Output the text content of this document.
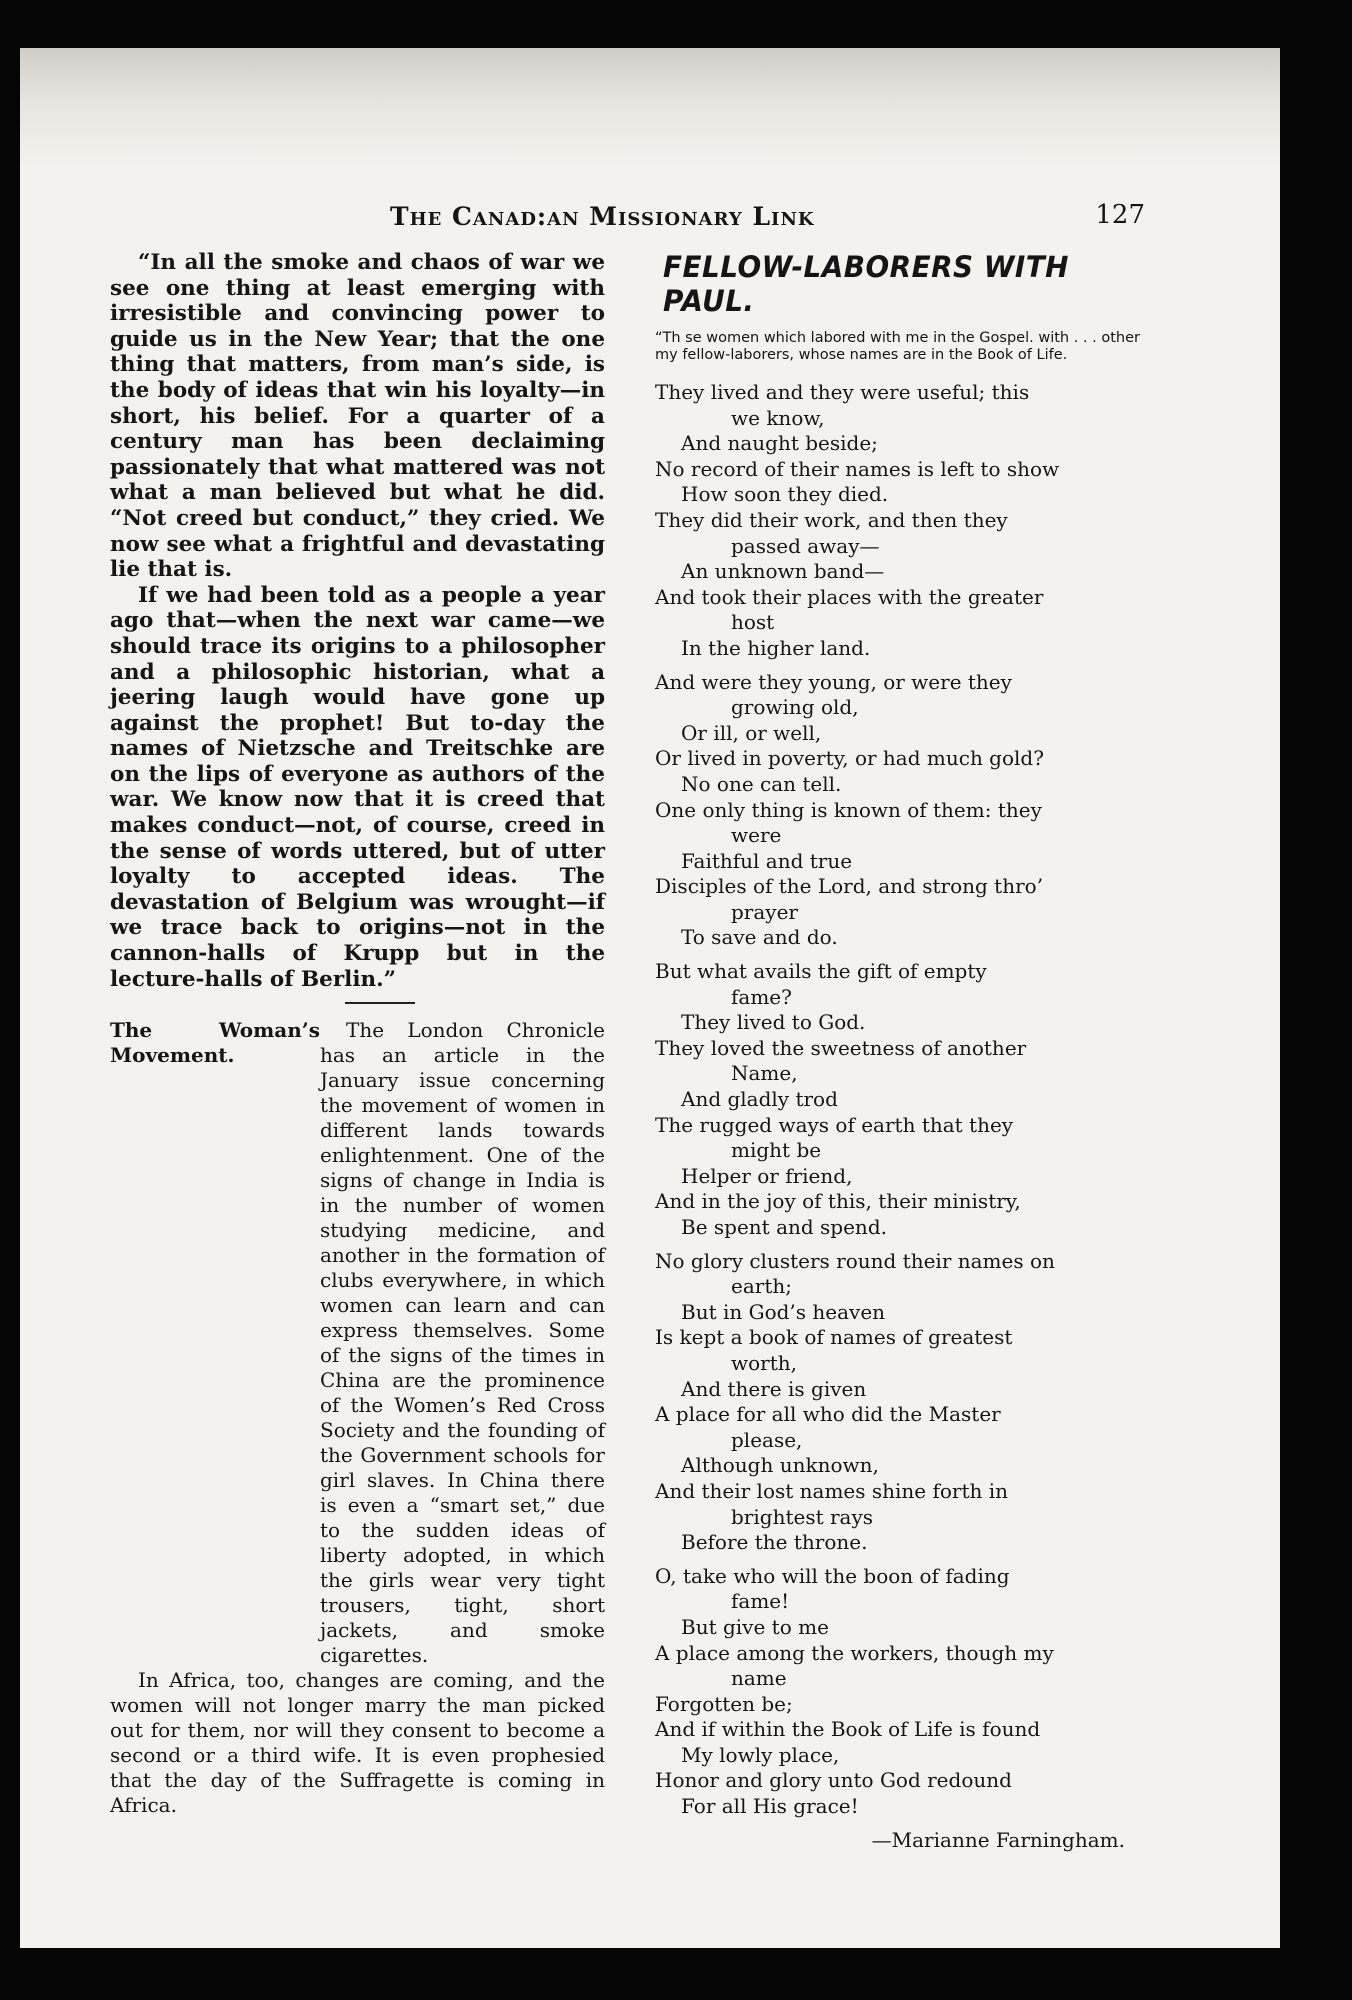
The Canad:an Missionary Link	127

“In all the smoke and chaos of war we see one thing at least emerging with irresistible and convincing power to guide us in the New Year; that the one thing that matters, from man’s side, is the body of ideas that win his loyalty—in short, his belief. For a quarter of a century man has been declaiming passionately that what mattered was not what a man believed but what he did. “Not creed but conduct,” they cried. We now see what a frightful and devastating lie that is.

If we had been told as a people a year ago that—when the next war came—we should trace its origins to a philosopher and a philosophic historian, what a jeering laugh would have gone up against the prophet! But to-day the names of Nietzsche and Treitschke are on the lips of everyone as authors of the war. We know now that it is creed that makes conduct—not, of course, creed in the sense of words uttered, but of utter loyalty to accepted ideas. The devastation of Belgium was wrought—if we trace back to origins—not in the cannon-halls of Krupp but in the lecture-halls of Berlin.”

The Woman’s Movement.
The London Chronicle has an article in the January issue concerning the movement of women in different lands towards enlightenment. One of the signs of change in India is in the number of women studying medicine, and another in the formation of clubs everywhere, in which women can learn and can express themselves. Some of the signs of the times in China are the prominence of the Women’s Red Cross Society and the founding of the Government schools for girl slaves. In China there is even a “smart set,” due to the sudden ideas of liberty adopted, in which the girls wear very tight trousers, tight, short jackets, and smoke cigarettes.

In Africa, too, changes are coming, and the women will not longer marry the man picked out for them, nor will they consent to become a second or a third wife. It is even prophesied that the day of the Suffragette is coming in Africa.

FELLOW-LABORERS WITH PAUL.
“Th se women which labored with me in the Gospel. with . . . other my fellow-laborers, whose names are in the Book of Life.
They lived and they were useful; this
we know,
And naught beside;
No record of their names is left to show
How soon they died.
They did their work, and then they
passed away—
An unknown band—
And took their places with the greater
host
In the higher land.
And were they young, or were they
growing old,
Or ill, or well,
Or lived in poverty, or had much gold?
No one can tell.
One only thing is known of them: they
were
Faithful and true
Disciples of the Lord, and strong thro’
prayer
To save and do.
But what avails the gift of empty
fame?
They lived to God.
They loved the sweetness of another
Name,
And gladly trod
The rugged ways of earth that they
might be
Helper or friend,
And in the joy of this, their ministry,
Be spent and spend.
No glory clusters round their names on
earth;
But in God’s heaven
Is kept a book of names of greatest
worth,
And there is given
A place for all who did the Master
please,
Although unknown,
And their lost names shine forth in
brightest rays
Before the throne.
O, take who will the boon of fading
fame!
But give to me
A place among the workers, though my
name
Forgotten be;
And if within the Book of Life is found
My lowly place,
Honor and glory unto God redound
For all His grace!
—Marianne Farningham.
